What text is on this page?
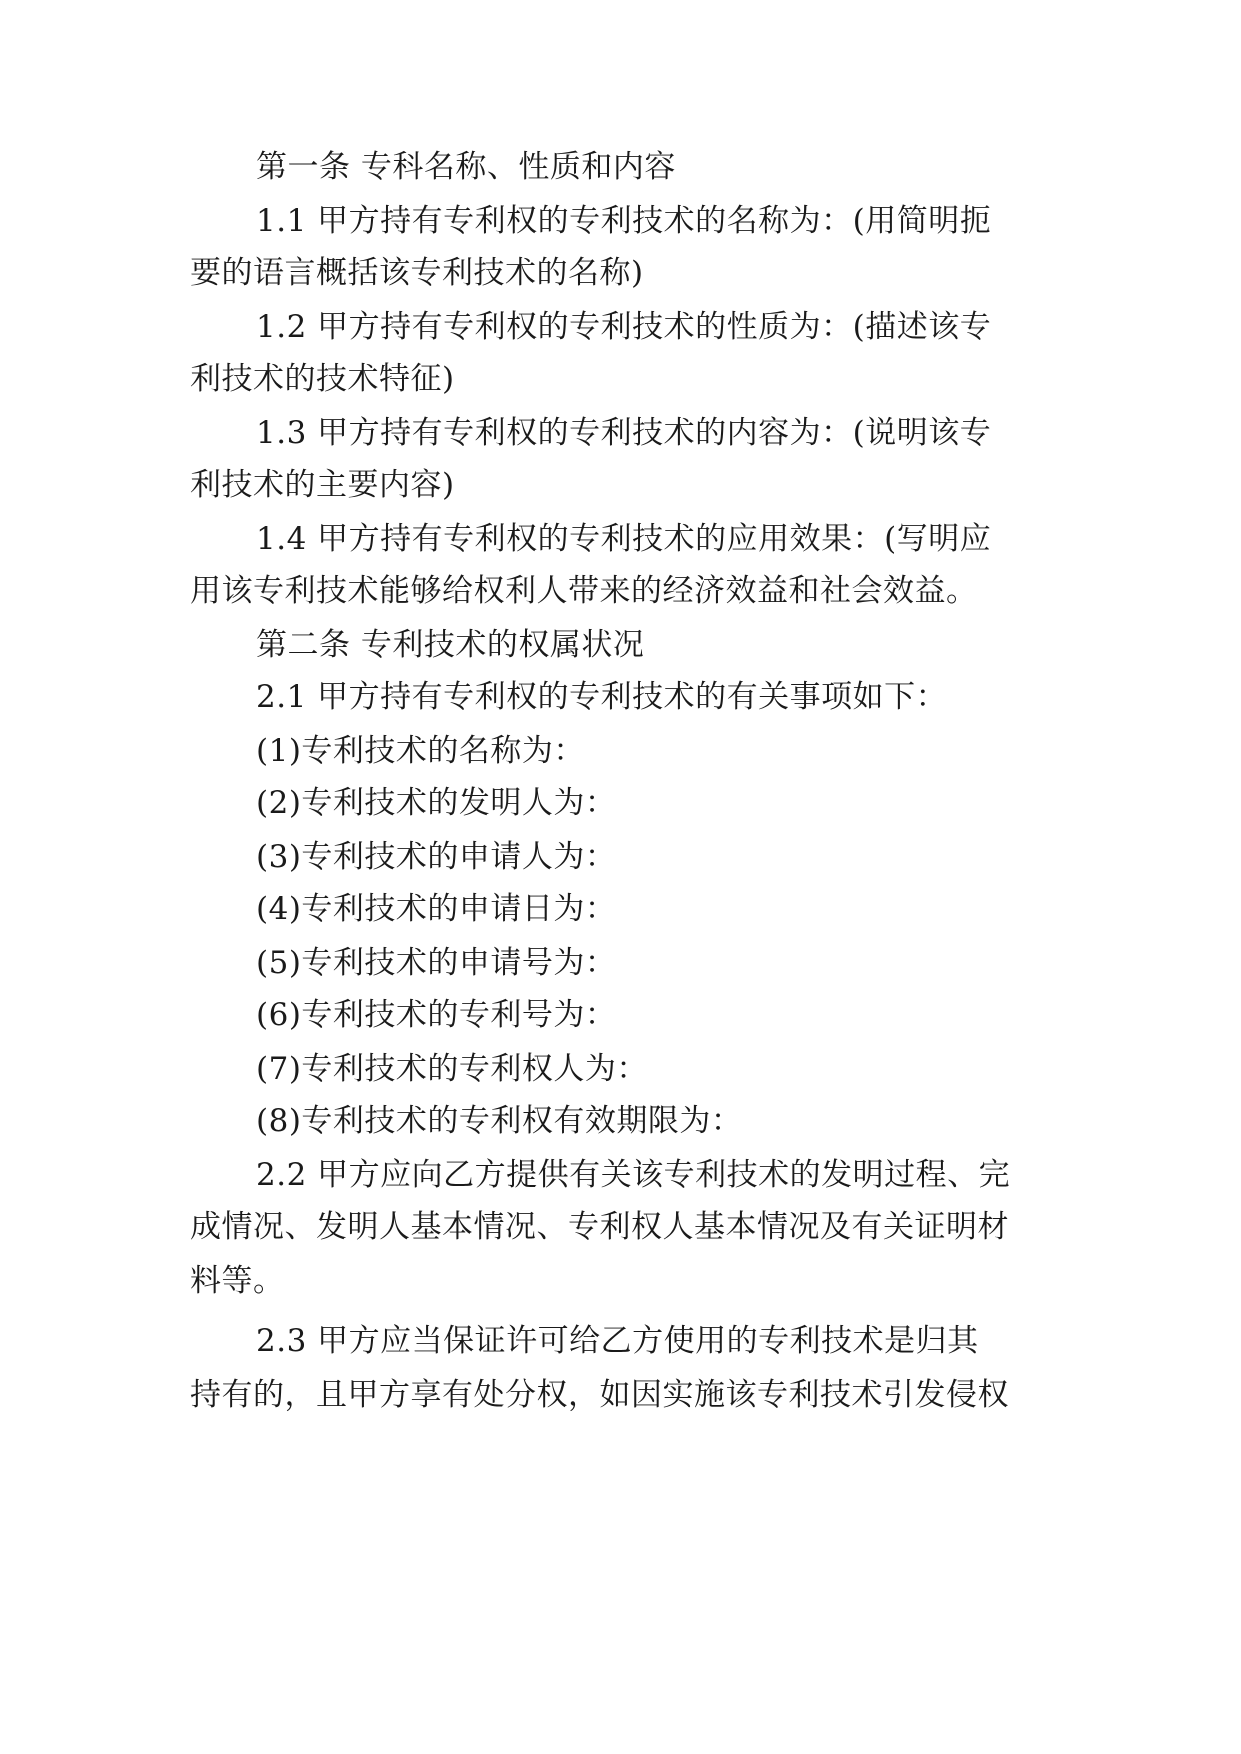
第一条 专科名称、性质和内容
1.1 甲方持有专利权的专利技术的名称为：(用简明扼
要的语言概括该专利技术的名称)
1.2 甲方持有专利权的专利技术的性质为：(描述该专
利技术的技术特征)
1.3 甲方持有专利权的专利技术的内容为：(说明该专
利技术的主要内容)
1.4 甲方持有专利权的专利技术的应用效果：(写明应
用该专利技术能够给权利人带来的经济效益和社会效益。
第二条 专利技术的权属状况
2.1 甲方持有专利权的专利技术的有关事项如下：
(1)专利技术的名称为：
(2)专利技术的发明人为：
(3)专利技术的申请人为：
(4)专利技术的申请日为：
(5)专利技术的申请号为：
(6)专利技术的专利号为：
(7)专利技术的专利权人为：
(8)专利技术的专利权有效期限为：
2.2 甲方应向乙方提供有关该专利技术的发明过程、完
成情况、发明人基本情况、专利权人基本情况及有关证明材
料等。
2.3 甲方应当保证许可给乙方使用的专利技术是归其
持有的，且甲方享有处分权，如因实施该专利技术引发侵权
